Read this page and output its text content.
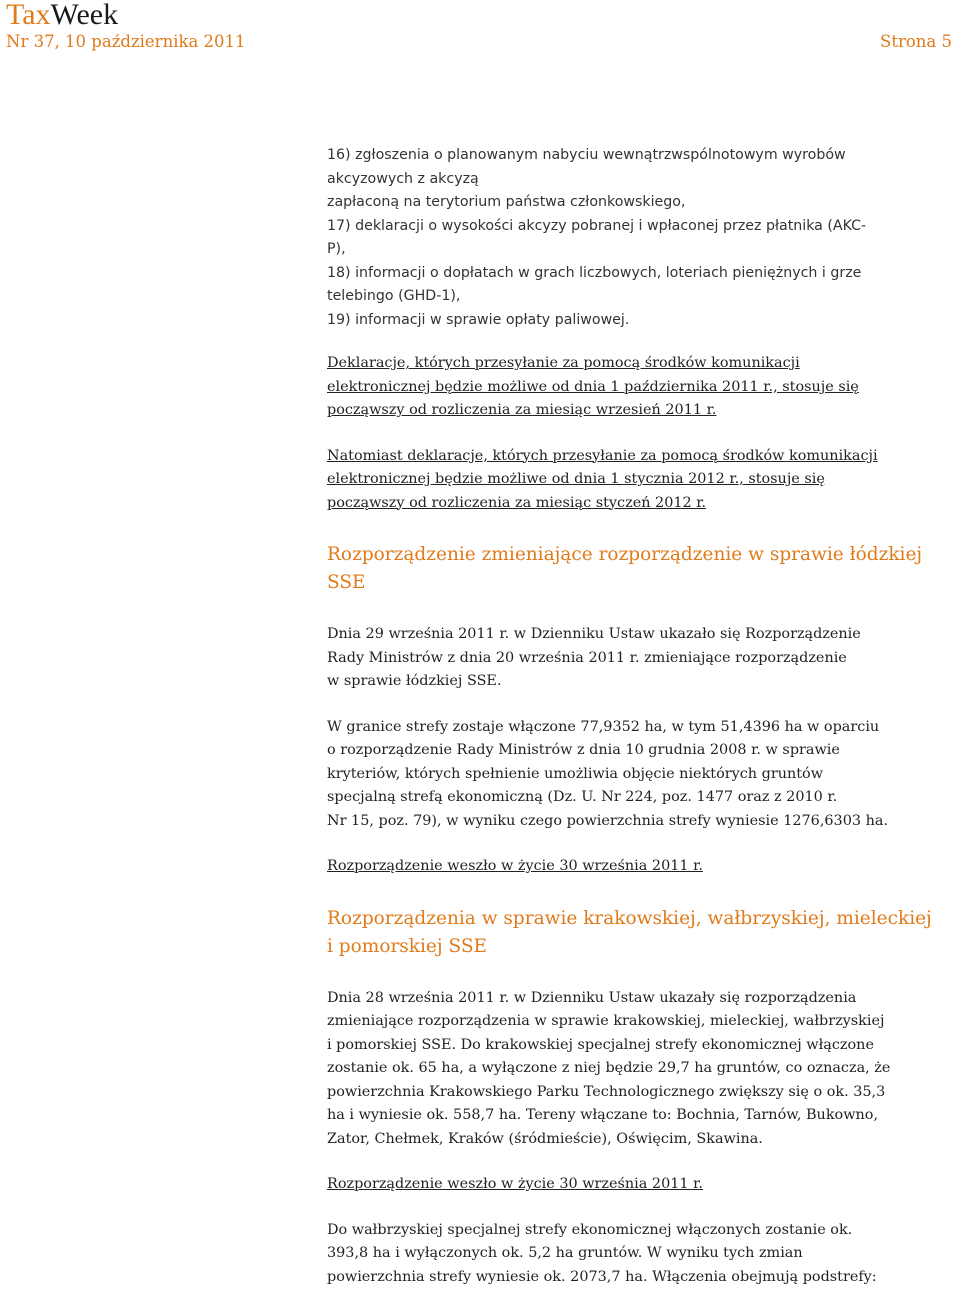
TaxWeek
Nr 37, 10 października 2011	Strona 5
16) zgłoszenia o planowanym nabyciu wewnątrzwspólnotowym wyrobów
akcyzowych z akcyzą
zapłaconą na terytorium państwa członkowskiego,
17) deklaracji o wysokości akcyzy pobranej i wpłaconej przez płatnika (AKC-
P),
18) informacji o dopłatach w grach liczbowych, loteriach pieniężnych i grze
telebingo (GHD-1),
19) informacji w sprawie opłaty paliwowej.
Deklaracje, których przesyłanie za pomocą środków komunikacji
elektronicznej będzie możliwe od dnia 1 października 2011 r., stosuje się
począwszy od rozliczenia za miesiąc wrzesień 2011 r.
Natomiast deklaracje, których przesyłanie za pomocą środków komunikacji
elektronicznej będzie możliwe od dnia 1 stycznia 2012 r., stosuje się
począwszy od rozliczenia za miesiąc styczeń 2012 r.
Rozporządzenie zmieniające rozporządzenie w sprawie łódzkiej
SSE
Dnia 29 września 2011 r. w Dzienniku Ustaw ukazało się Rozporządzenie
Rady Ministrów z dnia 20 września 2011 r. zmieniające rozporządzenie
w sprawie łódzkiej SSE.
W granice strefy zostaje włączone 77,9352 ha, w tym 51,4396 ha w oparciu
o rozporządzenie Rady Ministrów z dnia 10 grudnia 2008 r. w sprawie
kryteriów, których spełnienie umożliwia objęcie niektórych gruntów
specjalną strefą ekonomiczną (Dz. U. Nr 224, poz. 1477 oraz z 2010 r.
Nr 15, poz. 79), w wyniku czego powierzchnia strefy wyniesie 1276,6303 ha.
Rozporządzenie weszło w życie 30 września 2011 r.
Rozporządzenia w sprawie krakowskiej, wałbrzyskiej, mieleckiej
i pomorskiej SSE
Dnia 28 września 2011 r. w Dzienniku Ustaw ukazały się rozporządzenia
zmieniające rozporządzenia w sprawie krakowskiej, mieleckiej, wałbrzyskiej
i pomorskiej SSE. Do krakowskiej specjalnej strefy ekonomicznej włączone
zostanie ok. 65 ha, a wyłączone z niej będzie 29,7 ha gruntów, co oznacza, że
powierzchnia Krakowskiego Parku Technologicznego zwiększy się o ok. 35,3
ha i wyniesie ok. 558,7 ha. Tereny włączane to: Bochnia, Tarnów, Bukowno,
Zator, Chełmek, Kraków (śródmieście), Oświęcim, Skawina.
Rozporządzenie weszło w życie 30 września 2011 r.
Do wałbrzyskiej specjalnej strefy ekonomicznej włączonych zostanie ok.
393,8 ha i wyłączonych ok. 5,2 ha gruntów. W wyniku tych zmian
powierzchnia strefy wyniesie ok. 2073,7 ha. Włączenia obejmują podstrefy:
